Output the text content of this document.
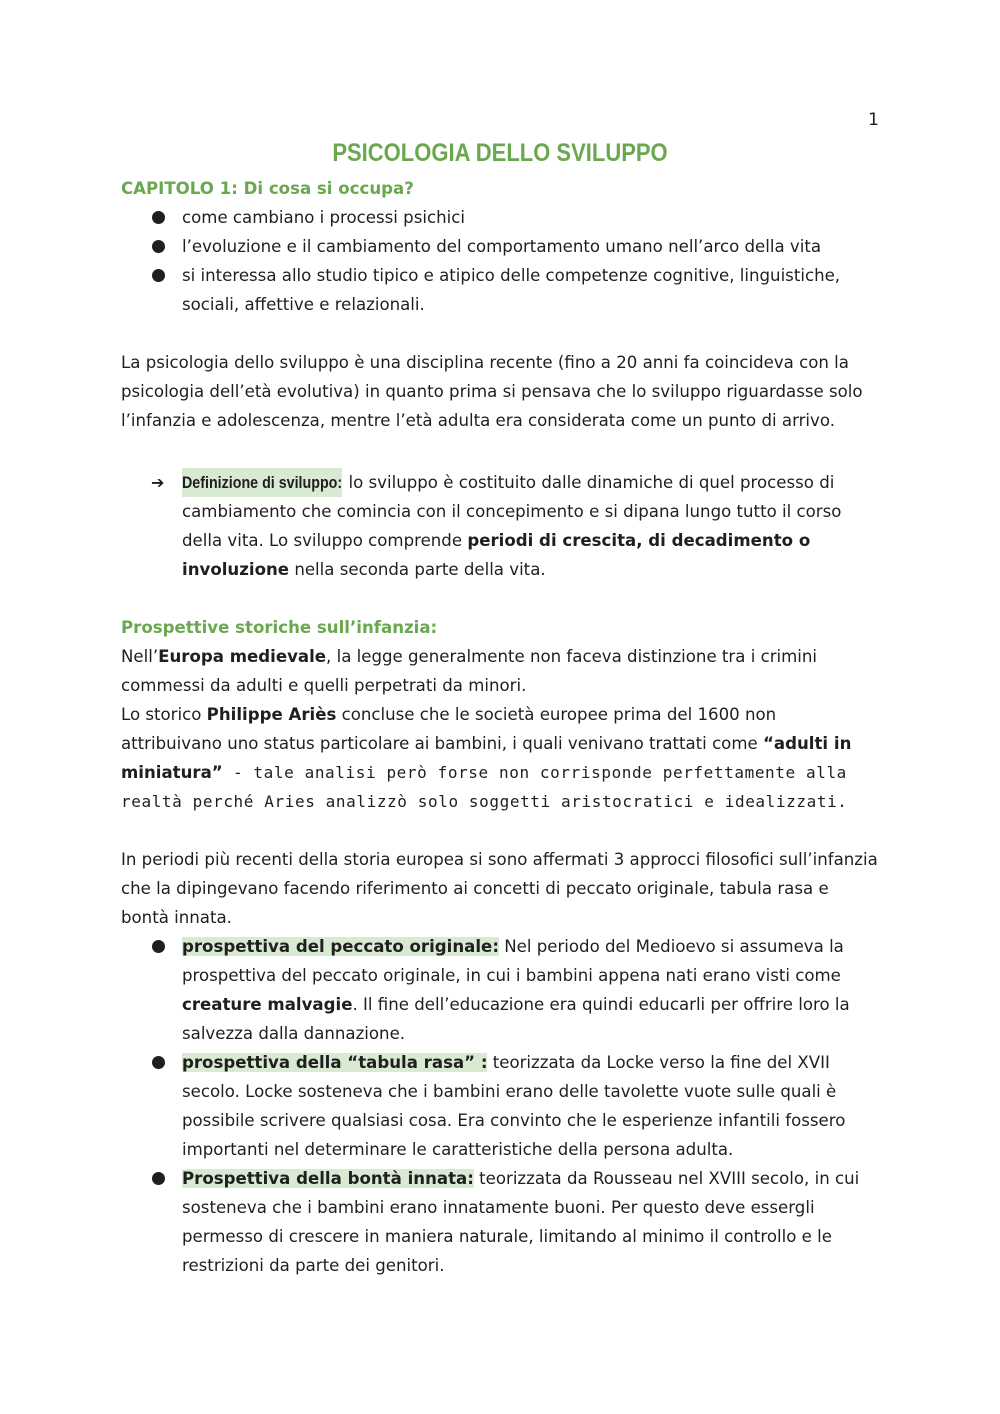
1
PSICOLOGIA DELLO SVILUPPO
CAPITOLO 1: Di cosa si occupa?
come cambiano i processi psichici
l’evoluzione e il cambiamento del comportamento umano nell’arco della vita
si interessa allo studio tipico e atipico delle competenze cognitive, linguistiche, sociali, affettive e relazionali.

La psicologia dello sviluppo è una disciplina recente (fino a 20 anni fa coincideva con la psicologia dell’età evolutiva) in quanto prima si pensava che lo sviluppo riguardasse solo l’infanzia e adolescenza, mentre l’età adulta era considerata come un punto di arrivo.

➔ Definizione di sviluppo: lo sviluppo è costituito dalle dinamiche di quel processo di cambiamento che comincia con il concepimento e si dipana lungo tutto il corso della vita. Lo sviluppo comprende periodi di crescita, di decadimento o involuzione nella seconda parte della vita.
Prospettive storiche sull’infanzia:

Nell’Europa medievale, la legge generalmente non faceva distinzione tra i crimini commessi da adulti e quelli perpetrati da minori.

Lo storico Philippe Ariès concluse che le società europee prima del 1600 non attribuivano uno status particolare ai bambini, i quali venivano trattati come “adulti in miniatura” - tale analisi però forse non corrisponde perfettamente alla realtà perché Aries analizzò solo soggetti aristocratici e idealizzati.

In periodi più recenti della storia europea si sono affermati 3 approcci filosofici sull’infanzia che la dipingevano facendo riferimento ai concetti di peccato originale, tabula rasa e bontà innata.

prospettiva del peccato originale: Nel periodo del Medioevo si assumeva la prospettiva del peccato originale, in cui i bambini appena nati erano visti come creature malvagie. Il fine dell’educazione era quindi educarli per offrire loro la salvezza dalla dannazione.
prospettiva della “tabula rasa” : teorizzata da Locke verso la fine del XVII secolo. Locke sosteneva che i bambini erano delle tavolette vuote sulle quali è possibile scrivere qualsiasi cosa. Era convinto che le esperienze infantili fossero importanti nel determinare le caratteristiche della persona adulta.
Prospettiva della bontà innata: teorizzata da Rousseau nel XVIII secolo, in cui sosteneva che i bambini erano innatamente buoni. Per questo deve essergli permesso di crescere in maniera naturale, limitando al minimo il controllo e le restrizioni da parte dei genitori.
